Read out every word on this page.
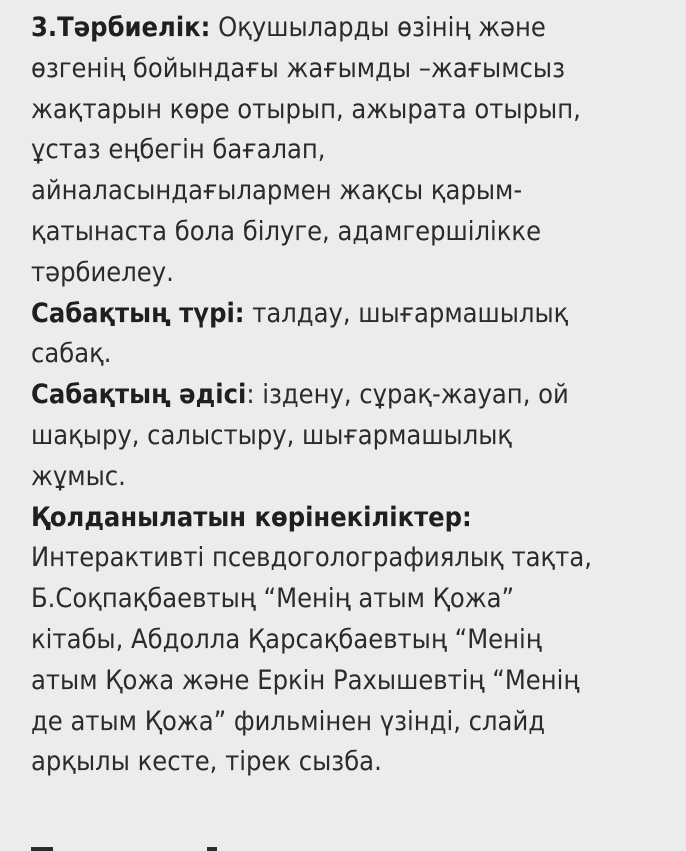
3.Тәрбиелік: Оқушыларды өзінің және
өзгенің бойындағы жағымды –жағымсыз
жақтарын көре отырып, ажырата отырып,
ұстаз еңбегін бағалап,
айналасындағылармен жақсы қарым-
қатынаста бола білуге, адамгершілікке
тәрбиелеу.

Сабақтың түрі: талдау, шығармашылық
сабақ.

Сабақтың әдісі: іздену, сұрақ-жауап, ой
шақыру, салыстыру, шығармашылық
жұмыс.

Қолданылатын көрінекіліктер:
Интерактивті псевдоголографиялық тақта,
Б.Соқпақбаевтың “Менің атым Қожа”
кітабы, Абдолла Қарсақбаевтың “Менің
атым Қожа және Еркін Рахышевтің “Менің
де атым Қожа” фильмінен үзінді, слайд
арқылы кесте, тірек сызба.
